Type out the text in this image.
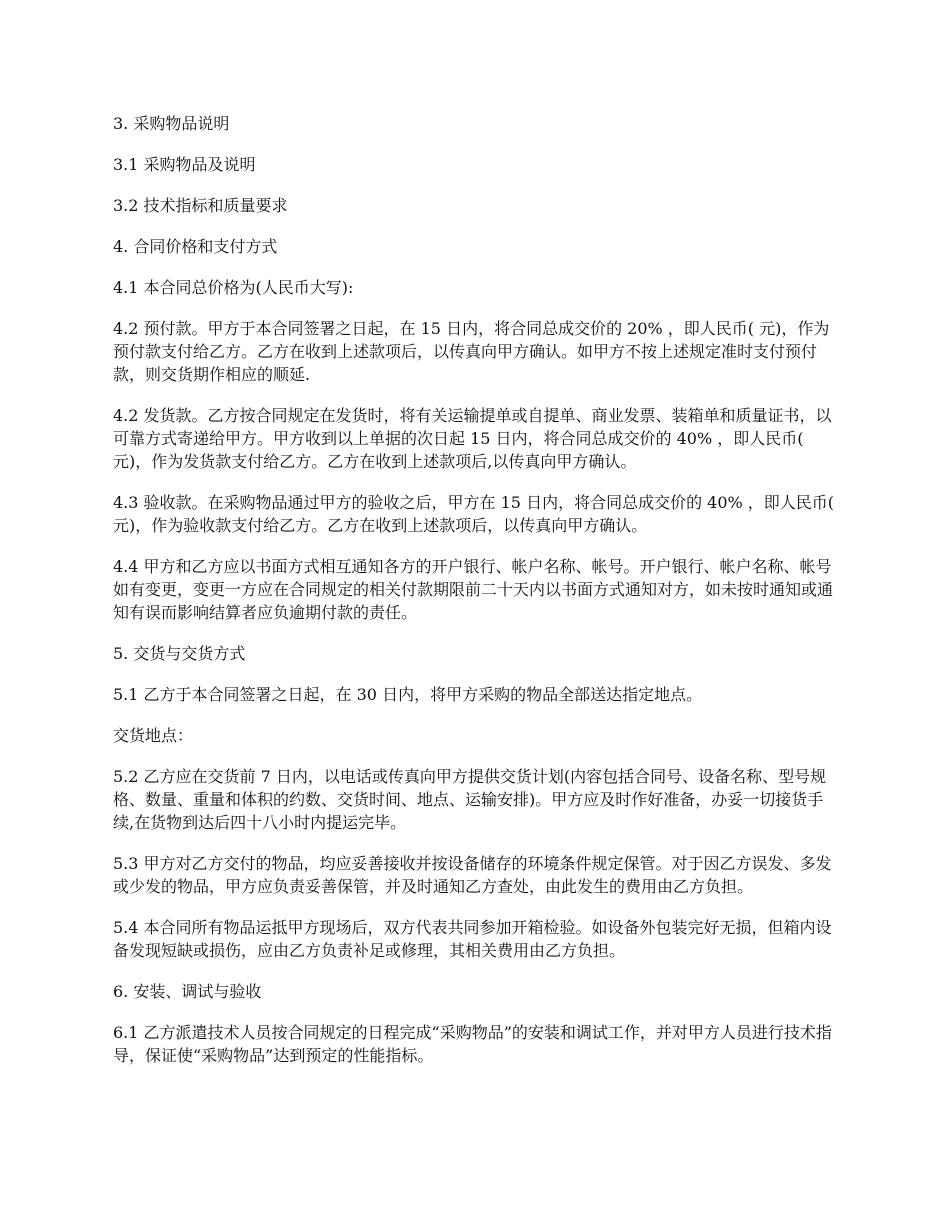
3. 采购物品说明

3.1 采购物品及说明

3.2 技术指标和质量要求

4. 合同价格和支付方式

4.1 本合同总价格为(人民币大写):

4.2 预付款。甲方于本合同签署之日起，在 15 日内，将合同总成交价的 20% ，即人民币( 元)，作为预付款支付给乙方。乙方在收到上述款项后，以传真向甲方确认。如甲方不按上述规定准时支付预付款，则交货期作相应的顺延.

4.2 发货款。乙方按合同规定在发货时，将有关运输提单或自提单、商业发票、装箱单和质量证书，以可靠方式寄递给甲方。甲方收到以上单据的次日起 15 日内，将合同总成交价的 40% ，即人民币( 元)，作为发货款支付给乙方。乙方在收到上述款项后,以传真向甲方确认。

4.3 验收款。在采购物品通过甲方的验收之后，甲方在 15 日内，将合同总成交价的 40% ，即人民币( 元)，作为验收款支付给乙方。乙方在收到上述款项后，以传真向甲方确认。

4.4 甲方和乙方应以书面方式相互通知各方的开户银行、帐户名称、帐号。开户银行、帐户名称、帐号如有变更，变更一方应在合同规定的相关付款期限前二十天内以书面方式通知对方，如未按时通知或通知有误而影响结算者应负逾期付款的责任。

5. 交货与交货方式

5.1 乙方于本合同签署之日起，在 30 日内，将甲方采购的物品全部送达指定地点。

交货地点：

5.2 乙方应在交货前 7 日内，以电话或传真向甲方提供交货计划(内容包括合同号、设备名称、型号规格、数量、重量和体积的约数、交货时间、地点、运输安排)。甲方应及时作好准备，办妥一切接货手续,在货物到达后四十八小时内提运完毕。

5.3 甲方对乙方交付的物品，均应妥善接收并按设备储存的环境条件规定保管。对于因乙方误发、多发或少发的物品，甲方应负责妥善保管，并及时通知乙方查处，由此发生的费用由乙方负担。

5.4 本合同所有物品运抵甲方现场后，双方代表共同参加开箱检验。如设备外包装完好无损，但箱内设备发现短缺或损伤，应由乙方负责补足或修理，其相关费用由乙方负担。

6. 安装、调试与验收

6.1 乙方派遣技术人员按合同规定的日程完成“采购物品”的安装和调试工作，并对甲方人员进行技术指导，保证使“采购物品”达到预定的性能指标。
